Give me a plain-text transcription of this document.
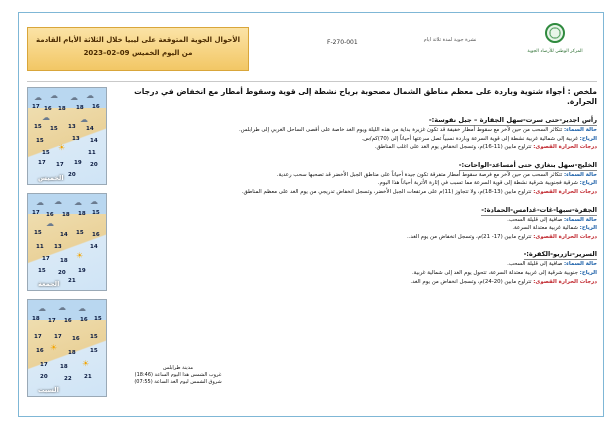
الأحوال الجوية المتوقعة على ليبيا خلال الثلاثة الأيام القادمة
من اليوم الخميس 09–02–2023
F-270-001	نشرة جوية لمدة ثلاثة ايام
المركز الوطني للأرصاد الجوية
☁ ☁ ☁ ☁
☁	☁
☀
17 16 18 18 16
15 15 13 14
15	13 14
15	11
17 17 19 20
20
الخميس
☁ ☁ ☁ ☁
☁
☀
17 16 18 18 15
15	14 15 16
11 13	14
17 18
15 20 19
21
الجمعة
☁ ☁ ☁
☀
☀
18 17 16 16 15
17 17 16 15
16	18	15
17 18
20	22 21
السبت
ملخص : أجواء شتوية وباردة على معظم مناطق الشمال مصحوبة برياح نشطة إلى قوية وسقوط أمطار مع انخفاض في درجات الحرارة.
رأس اجدير-حتى سرت-سهل الجفارة – جبل نفوسة:-
حالة السماء: تتكاثر السحب من حين لآخر مع سقوط أمطار خفيفة قد تكون غزيرة بداية من هذه الليلة ويوم الغد خاصة على أقصى الساحل الغربي إلى طرابلس.
الرياح: غربية إلى شمالية غربية نشطة إلى قوية السرعة وباردة نسبياً تصل سرعتها أحياناً إلى (70)كم/س.
درجات الحرارة القصوى: تتراوح مابين (11-16)م، وتسجل انخفاض يوم الغد على اغلب المناطق.
الخليج-سهل بنغازي حتى أمساعد-الواحات:-
حالة السماء: تتكاثر السحب من حين لآخر مع فرصة سقوط أمطار متفرقة تكون جيدة أحياناً على مناطق الجبل الأخضر قد تصحبها سحب رعدية.
الرياح: شرقية فجنوبية شرقية نشطة إلى قوية السرعة مما تسبب في إثارة الأتربة أحياناً هذا اليوم.
درجات الحرارة القصوى: تتراوح مابين (13-18)م، ولا تتجاوز (11)م على مرتفعات الجبل الأخضر، وتسجل انخفاض تدريجي من يوم الغد على معظم المناطق.
الجفرة-سبها-غات-غدامس-الحمادة:-
حالة السماء: صافية إلى قليلة السحب.
الرياح: شمالية غربية معتدلة السرعة.
درجات الحرارة القصوى: تتراوح مابين (17- 21)م، وتسجل انخفاض من يوم الغد..
السرير-تازربو-الكفرة:-
حالة السماء: صافية إلى قليلة السحب.
الرياح: جنوبية شرقية إلى غربية معتدلة السرعة، تتحول يوم الغد إلى شمالية غربية.
درجات الحرارة القصوى: تتراوح مابين (20-24)م، وتسجل انخفاض من يوم الغد.
مدينة طرابلس
غروب الشمس هذا اليوم الساعة (18:46)
شروق الشمس ليوم الغد الساعة (07:55)
